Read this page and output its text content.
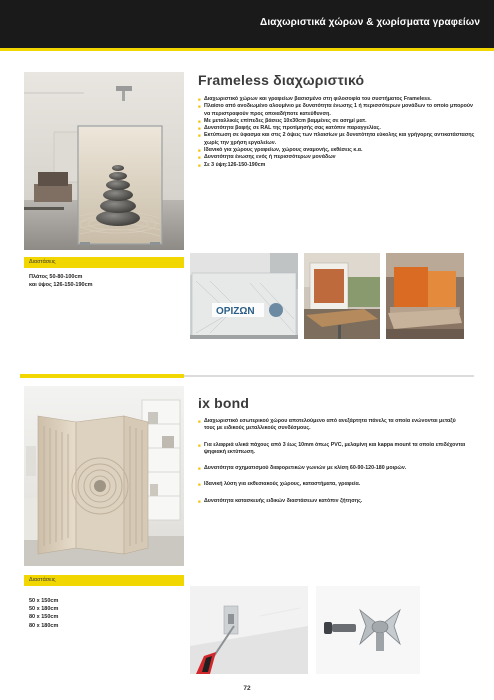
Διαχωριστικά χώρων & χωρίσματα γραφείων
Frameless διαχωριστικό
■ Διαχωριστικό χώρων και γραφείων βασισμένο στη φιλοσοφία του συστήματος Frameless.
■ Πλαίσιο από ανοδιωμένο αλουμίνιο με δυνατότητα ένωσης 1 ή περισσότερων μονάδων το οποίο μπορούν να περιστραφούν προς οποιαδήποτε κατεύθυνση.
■ Με μεταλλικές επίπεδες βάσεις 10x30cm βαμμένες σε ασημί ματ.
■ Δυνατότητα βαφής σε RAL της προτίμησής σας κατόπιν παραγγελίας.
■ Εκτύπωση σε ύφασμα και στις 2 όψεις των πλαισίων με δυνατότητα εύκολης και γρήγορης αντικατάστασης χωρίς την χρήση εργαλείων.
■ Ιδανικό για χώρους γραφείων, χώρους αναμονής, εκθέσεις κ.α.
■ Δυνατότητα ένωσης ενός ή περισσότερων μονάδων
■ Σε 3 ύψη:126-150-190cm
Διαστάσεις
Πλάτος 50-80-100cm
και ύψος 126-150-190cm
ΟΡΙΖΩΝ
ix bond
■ Διαχωριστικό εσωτερικού χώρου αποτελούμενο από ανεξάρτητα πάνελς τα οποία ενώνονται μεταξύ τους με ειδικούς μεταλλικούς συνδέσμους.
■ Για ελαφριά υλικά πάχους από 3 έως 10mm όπως PVC, μελαμίνη και kappa mount τα οποία επιδέχονται ψηφιακή εκτύπωση.
■ Δυνατότητα σχηματισμού διαφορετικών γωνιών με κλίση 60-90-120-180 μοιρών.
■ Ιδανική λύση για εκθεσιακούς χώρους, καταστήματα, γραφεία.
■ Δυνατότητα κατασκευής ειδικών διαστάσεων κατόπιν ζήτησης.
Διαστάσεις
50 x 150cm
50 x 180cm
80 x 150cm
80 x 180cm
72
